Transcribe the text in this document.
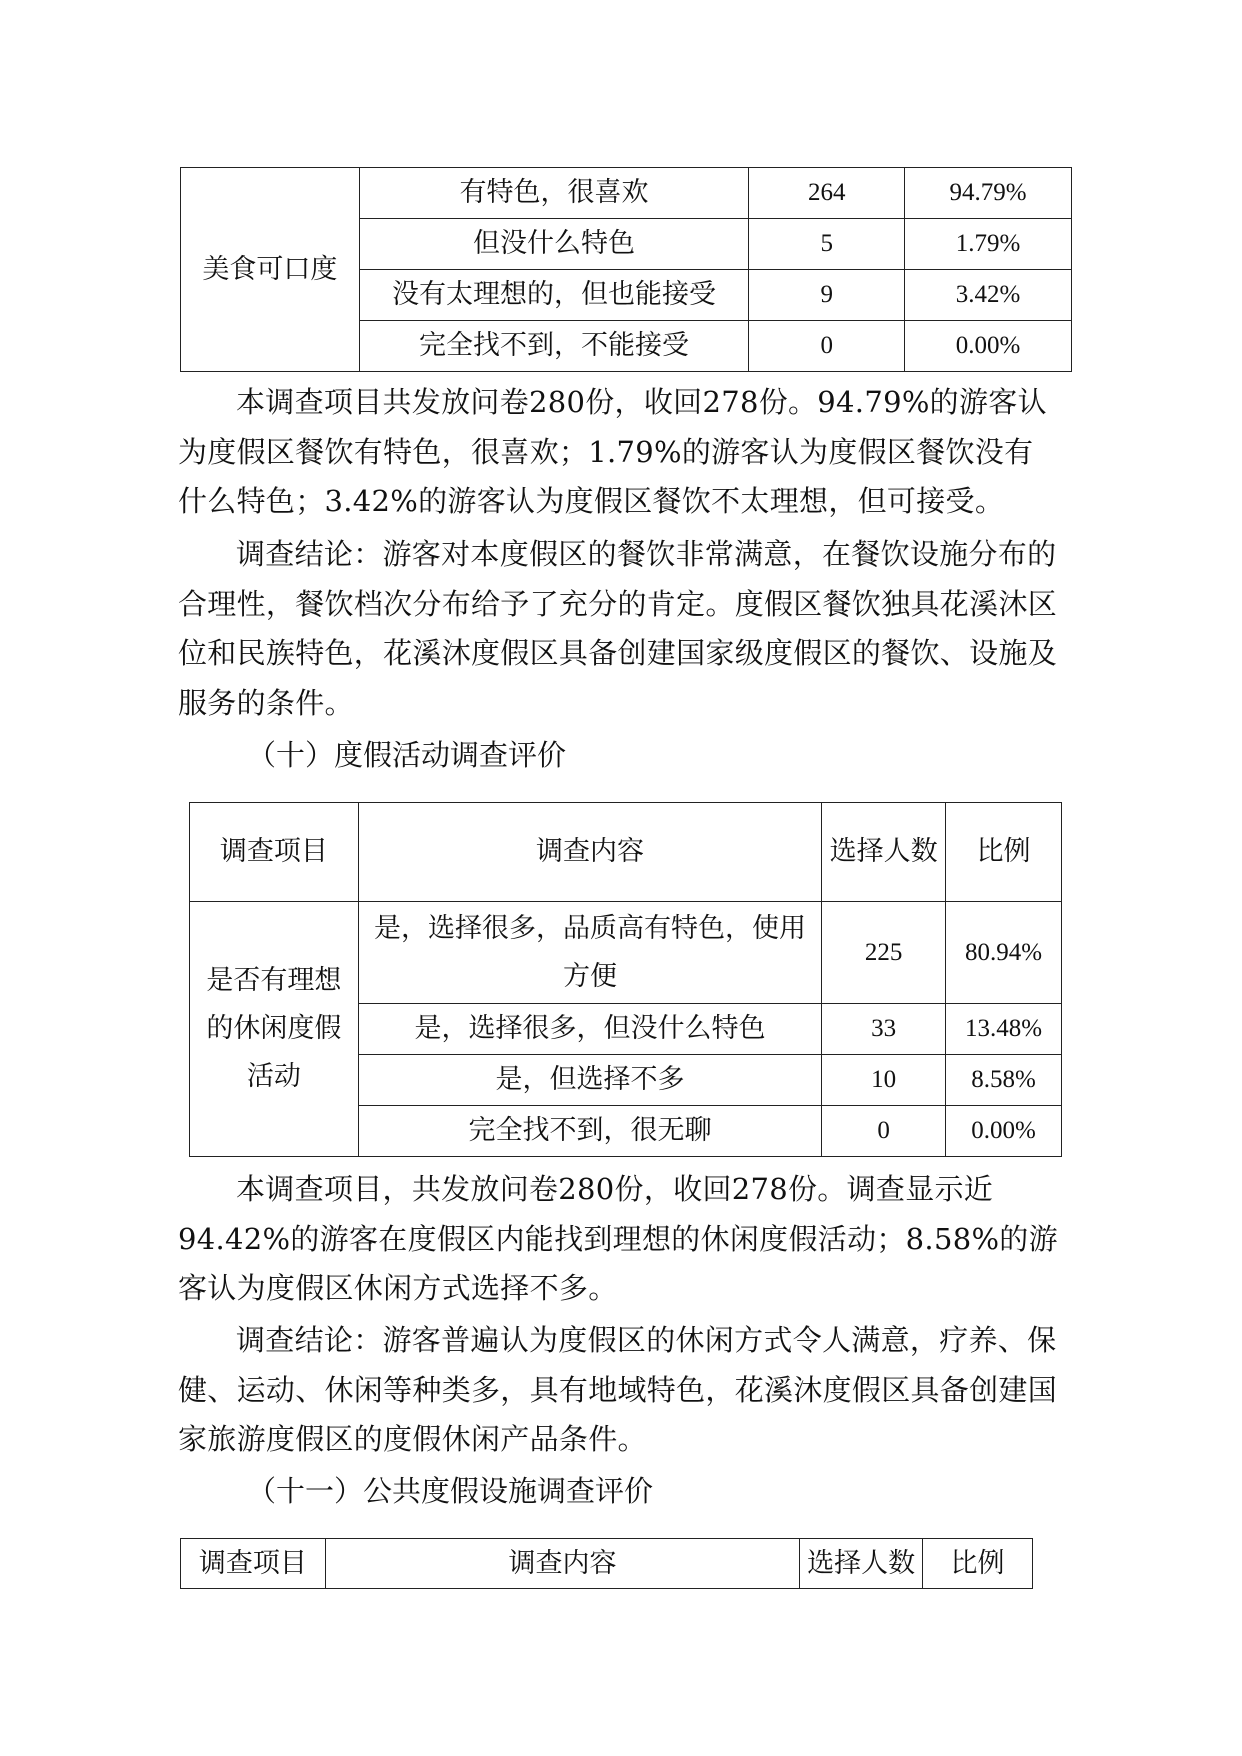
美食可口度	有特色，很喜欢	264	94.79%
	但没什么特色	5	1.79%
	没有太理想的，但也能接受	9	3.42%
	完全找不到，不能接受	0	0.00%

本调查项目共发放问卷280份，收回278份。94.79%的游客认为度假区餐饮有特色，很喜欢；1.79%的游客认为度假区餐饮没有什么特色；3.42%的游客认为度假区餐饮不太理想，但可接受。

调查结论：游客对本度假区的餐饮非常满意，在餐饮设施分布的合理性，餐饮档次分布给予了充分的肯定。度假区餐饮独具花溪沐区位和民族特色，花溪沐度假区具备创建国家级度假区的餐饮、设施及服务的条件。

（十）度假活动调查评价

调查项目	调查内容	选择人数	比例
是否有理想的休闲度假活动	是，选择很多，品质高有特色，使用方便	225	80.94%
	是，选择很多，但没什么特色	33	13.48%
	是，但选择不多	10	8.58%
	完全找不到，很无聊	0	0.00%

本调查项目，共发放问卷280份，收回278份。调查显示近94.42%的游客在度假区内能找到理想的休闲度假活动；8.58%的游客认为度假区休闲方式选择不多。

调查结论：游客普遍认为度假区的休闲方式令人满意，疗养、保健、运动、休闲等种类多，具有地域特色，花溪沐度假区具备创建国家旅游度假区的度假休闲产品条件。

（十一）公共度假设施调查评价

调查项目	调查内容	选择人数	比例
